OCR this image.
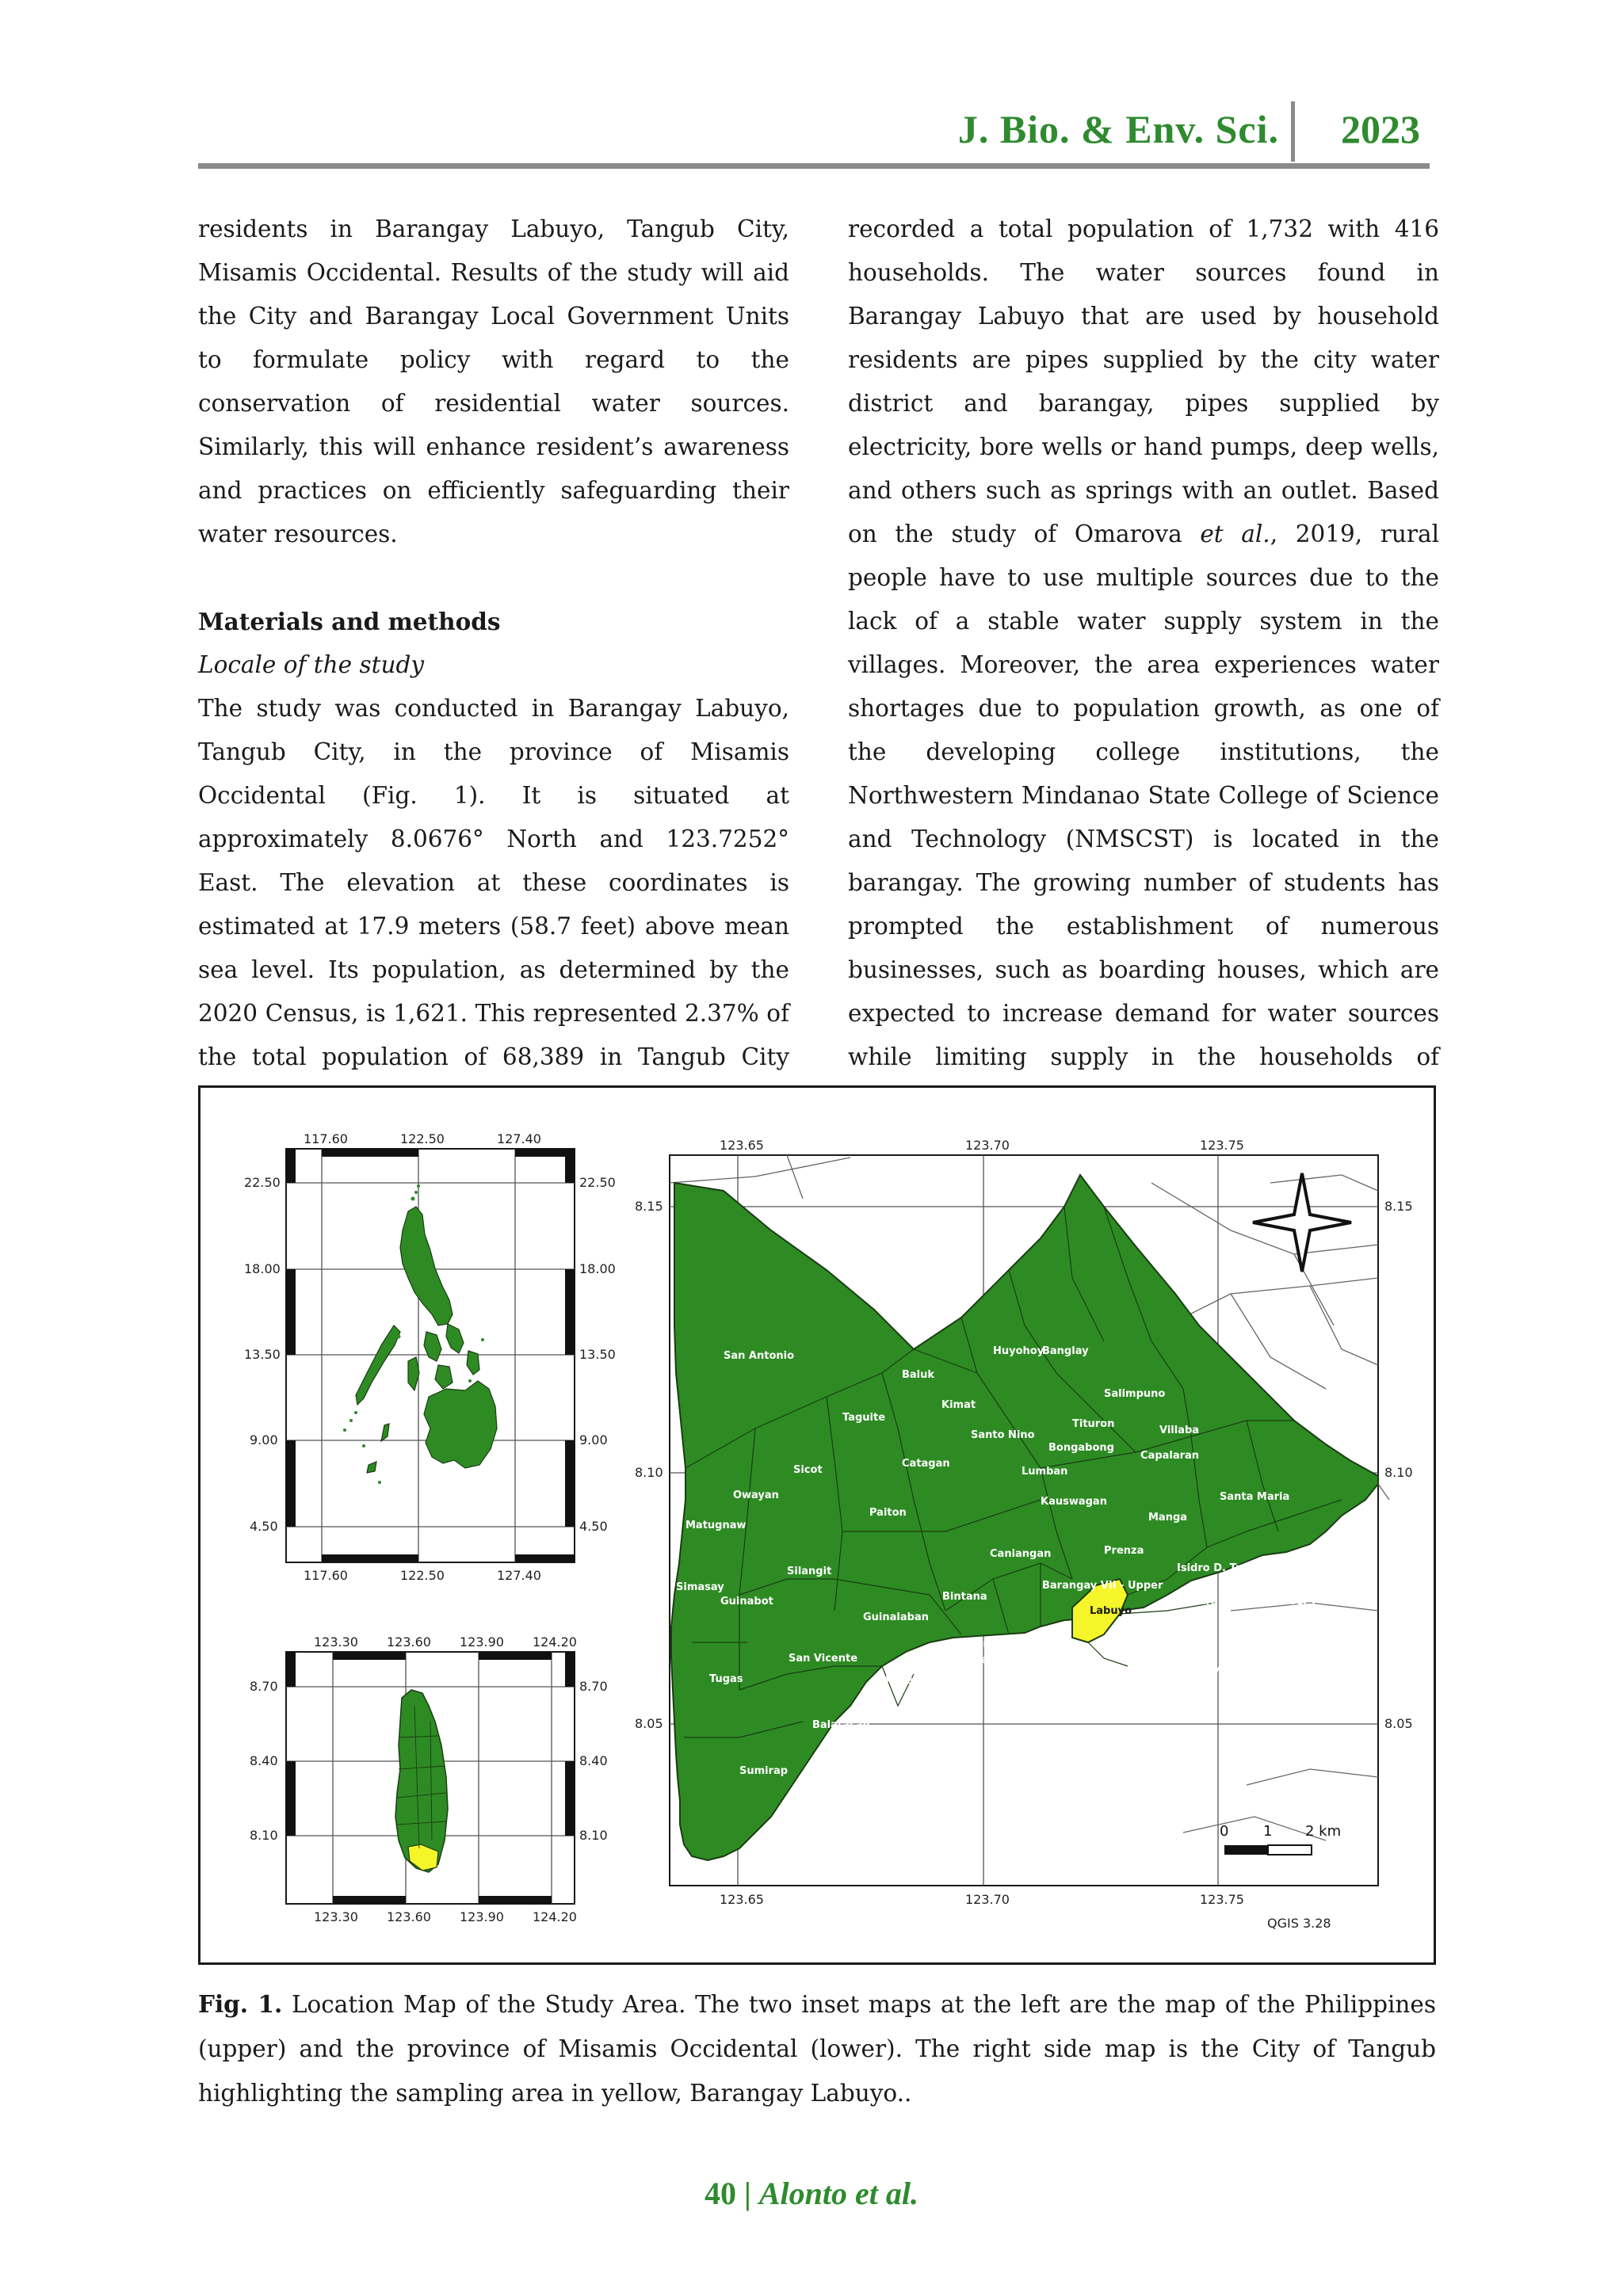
J. Bio. & Env. Sci. 2023

residents in Barangay Labuyo, Tangub City, Misamis Occidental. Results of the study will aid the City and Barangay Local Government Units to formulate policy with regard to the conservation of residential water sources. Similarly, this will enhance resident’s awareness and practices on efficiently safeguarding their water resources.

Materials and methods

Locale of the study

The study was conducted in Barangay Labuyo, Tangub City, in the province of Misamis Occidental (Fig. 1). It is situated at approximately 8.0676° North and 123.7252° East. The elevation at these coordinates is estimated at 17.9 meters (58.7 feet) above mean sea level. Its population, as determined by the 2020 Census, is 1,621. This represented 2.37% of the total population of 68,389 in Tangub City

recorded a total population of 1,732 with 416 households. The water sources found in Barangay Labuyo that are used by household residents are pipes supplied by the city water district and barangay, pipes supplied by electricity, bore wells or hand pumps, deep wells, and others such as springs with an outlet. Based on the study of Omarova et al., 2019, rural people have to use multiple sources due to the lack of a stable water supply system in the villages. Moreover, the area experiences water shortages due to population growth, as one of the developing college institutions, the Northwestern Mindanao State College of Science and Technology (NMSCST) is located in the barangay. The growing number of students has prompted the establishment of numerous businesses, such as boarding houses, which are expected to increase demand for water sources while limiting supply in the households of

117.60	122.50	127.40
117.60	122.50	127.40
22.50
18.00
13.50
9.00
4.50
22.50
18.00
13.50
9.00
4.50
123.30 123.60 123.90 124.20
123.30 123.60 123.90 124.20
8.70
8.40
8.10
8.70
8.40
8.10
San Antonio	Huyohoy
Banglay
Baluk
Salimpuno
Kimat
Taguite
Tituron
Villaba
Santo Nino
Bongabong
Capalaran
Catagan
Sicot	Lumban
Owayan
Paiton
Kauswagan	Santa Maria
Manga
Matugnaw
Prenza
Caniangan
Isidro D. Tan	Minsubong
Silangit
Barangay VII - Upper
Bintana
Simasay
Guinabot	Barangay VI - Lower P
Labuyo
Silanga
Guinalaban
Santa Cruz
Maloro
Lorenzo Tan	Garang
San Vicente	Pangabuan
San Apolinario Migcanaway
Tugas	Aquino
Panalsalan
Maquilao
Bocator
Balatacan
Sumirap
0 1 2 km
123.65	123.70	123.75
123.65	123.70	123.75
8.15
8.10
8.05
8.15
8.10
8.05
QGIS 3.28
Fig. 1. Location Map of the Study Area. The two inset maps at the left are the map of the Philippines (upper) and the province of Misamis Occidental (lower). The right side map is the City of Tangub highlighting the sampling area in yellow, Barangay Labuyo..
40 | Alonto et al.
